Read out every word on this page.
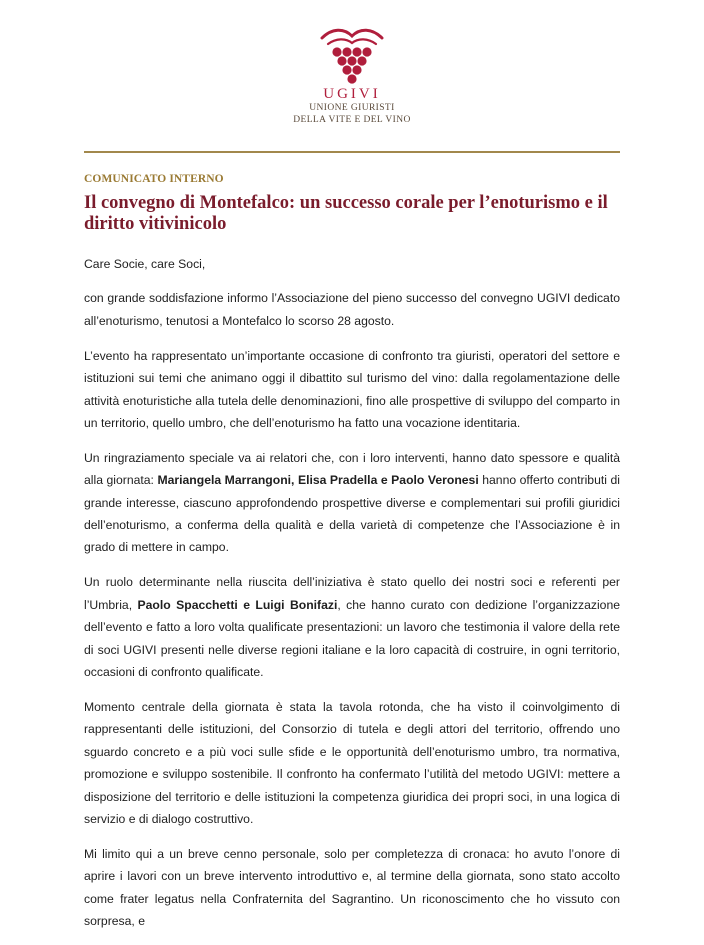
UGIVI
UNIONE GIURISTI
DELLA VITE E DEL VINO
COMUNICATO INTERNO
Il convegno di Montefalco: un successo corale per l’enoturismo e il diritto vitivinicolo

Care Socie, care Soci,

con grande soddisfazione informo l’Associazione del pieno successo del convegno UGIVI dedicato all’enoturismo, tenutosi a Montefalco lo scorso 28 agosto.

L’evento ha rappresentato un’importante occasione di confronto tra giuristi, operatori del settore e istituzioni sui temi che animano oggi il dibattito sul turismo del vino: dalla regolamentazione delle attività enoturistiche alla tutela delle denominazioni, fino alle prospettive di sviluppo del comparto in un territorio, quello umbro, che dell’enoturismo ha fatto una vocazione identitaria.

Un ringraziamento speciale va ai relatori che, con i loro interventi, hanno dato spessore e qualità alla giornata: Mariangela Marrangoni, Elisa Pradella e Paolo Veronesi hanno offerto contributi di grande interesse, ciascuno approfondendo prospettive diverse e complementari sui profili giuridici dell’enoturismo, a conferma della qualità e della varietà di competenze che l’Associazione è in grado di mettere in campo.

Un ruolo determinante nella riuscita dell’iniziativa è stato quello dei nostri soci e referenti per l’Umbria, Paolo Spacchetti e Luigi Bonifazi, che hanno curato con dedizione l’organizzazione dell’evento e fatto a loro volta qualificate presentazioni: un lavoro che testimonia il valore della rete di soci UGIVI presenti nelle diverse regioni italiane e la loro capacità di costruire, in ogni territorio, occasioni di confronto qualificate.

Momento centrale della giornata è stata la tavola rotonda, che ha visto il coinvolgimento di rappresentanti delle istituzioni, del Consorzio di tutela e degli attori del territorio, offrendo uno sguardo concreto e a più voci sulle sfide e le opportunità dell’enoturismo umbro, tra normativa, promozione e sviluppo sostenibile. Il confronto ha confermato l’utilità del metodo UGIVI: mettere a disposizione del territorio e delle istituzioni la competenza giuridica dei propri soci, in una logica di servizio e di dialogo costruttivo.

Mi limito qui a un breve cenno personale, solo per completezza di cronaca: ho avuto l’onore di aprire i lavori con un breve intervento introduttivo e, al termine della giornata, sono stato accolto come frater legatus nella Confraternita del Sagrantino. Un riconoscimento che ho vissuto con sorpresa, e
